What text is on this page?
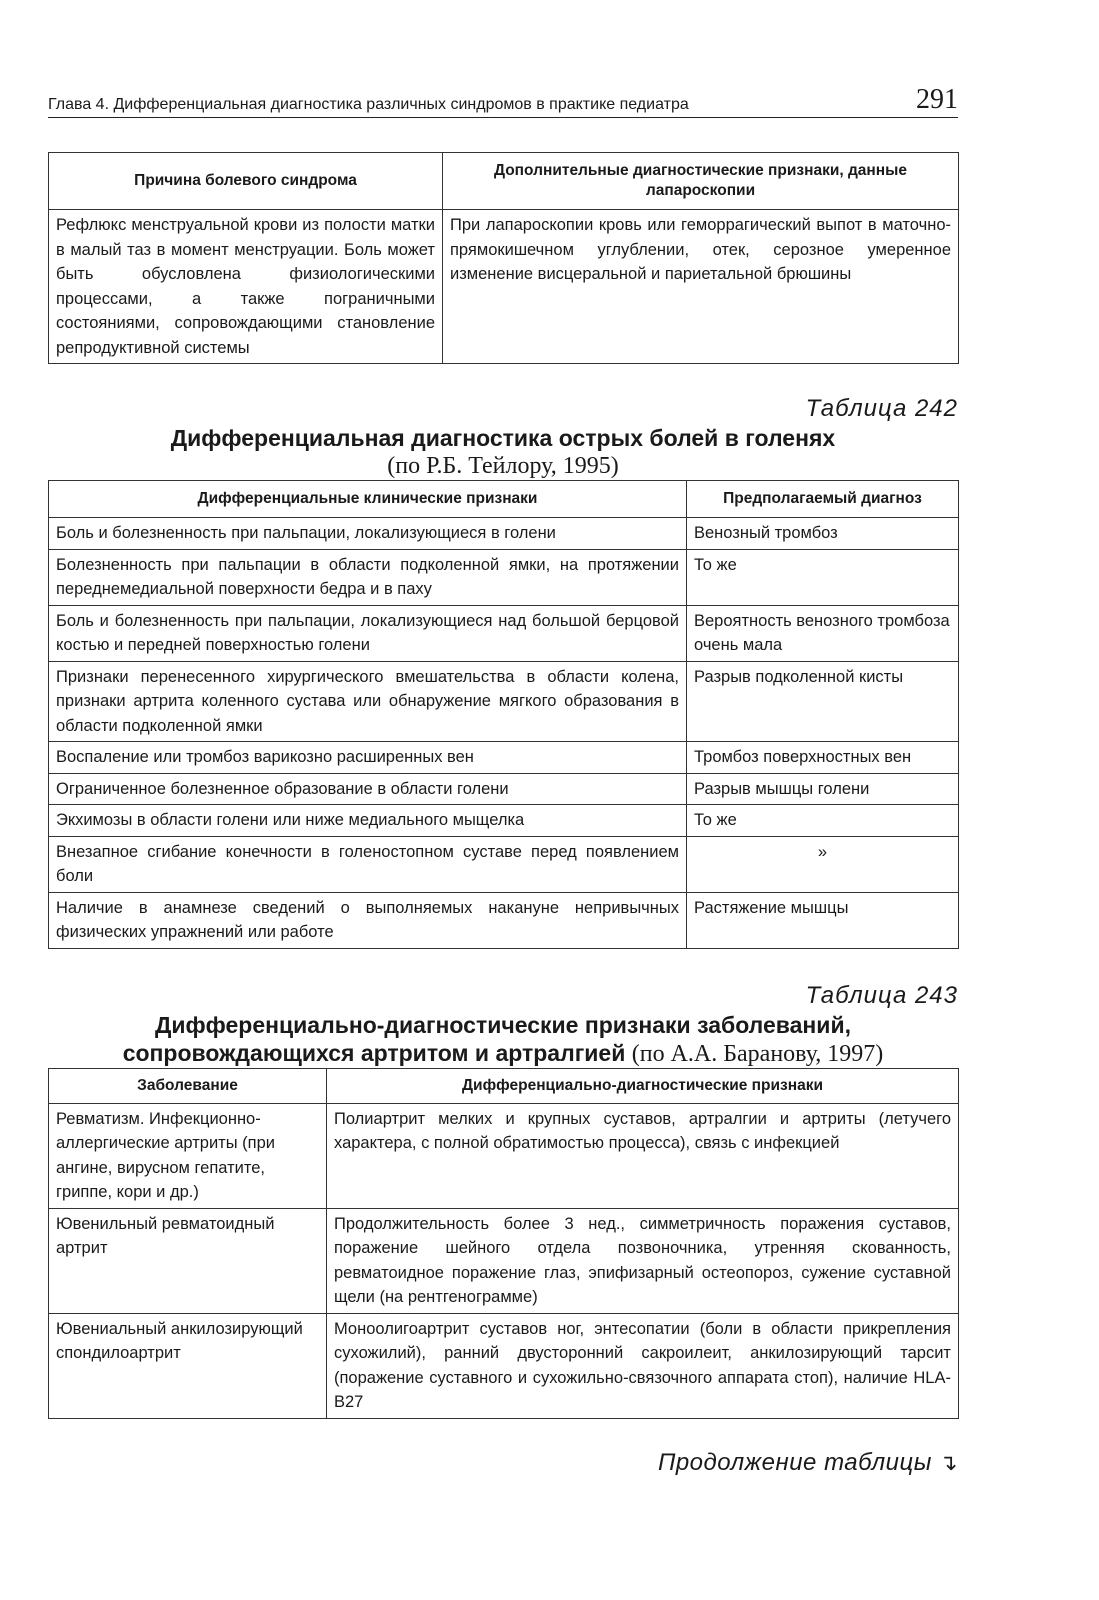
Глава 4. Дифференциальная диагностика различных синдромов в практике педиатра	291
Причина болевого синдрома	Дополнительные диагностические признаки, данные лапароскопии
Рефлюкс менструальной крови из полости матки в малый таз в момент менструации. Боль может быть обусловлена физиологическими процессами, а также пограничными состояниями, сопровождающими становление репродуктивной системы	При лапароскопии кровь или геморрагический выпот в маточно-прямокишечном углублении, отек, серозное умеренное изменение висцеральной и париетальной брюшины
Таблица 242
Дифференциальная диагностика острых болей в голенях
(по Р.Б. Тейлору, 1995)
Дифференциальные клинические признаки	Предполагаемый диагноз
Боль и болезненность при пальпации, локализующиеся в голени	Венозный тромбоз
Болезненность при пальпации в области подколенной ямки, на протяжении переднемедиальной поверхности бедра и в паху	То же
Боль и болезненность при пальпации, локализующиеся над большой берцовой костью и передней поверхностью голени	Вероятность венозного тромбоза очень мала
Признаки перенесенного хирургического вмешательства в области колена, признаки артрита коленного сустава или обнаружение мягкого образования в области подколенной ямки	Разрыв подколенной кисты
Воспаление или тромбоз варикозно расширенных вен	Тромбоз поверхностных вен
Ограниченное болезненное образование в области голени	Разрыв мышцы голени
Экхимозы в области голени или ниже медиального мыщелка	То же
Внезапное сгибание конечности в голеностопном суставе перед появлением боли	»
Наличие в анамнезе сведений о выполняемых накануне непривычных физических упражнений или работе	Растяжение мышцы
Таблица 243
Дифференциально-диагностические признаки заболеваний,
сопровождающихся артритом и артралгией (по А.А. Баранову, 1997)
Заболевание	Дифференциально-диагностические признаки
Ревматизм. Инфекционно-аллергические артриты (при ангине, вирусном гепатите, гриппе, кори и др.)	Полиартрит мелких и крупных суставов, артралгии и артриты (летучего характера, с полной обратимостью процесса), связь с инфекцией
Ювенильный ревматоидный артрит	Продолжительность более 3 нед., симметричность поражения суставов, поражение шейного отдела позвоночника, утренняя скованность, ревматоидное поражение глаз, эпифизарный остеопороз, сужение суставной щели (на рентгенограмме)
Ювениальный анкилозирующий спондилоартрит	Моноолигоартрит суставов ног, энтесопатии (боли в области прикрепления сухожилий), ранний двусторонний сакроилеит, анкилозирующий тарсит (поражение суставного и сухожильно-связочного аппарата стоп), наличие HLA-B27
Продолжение таблицы ↴
